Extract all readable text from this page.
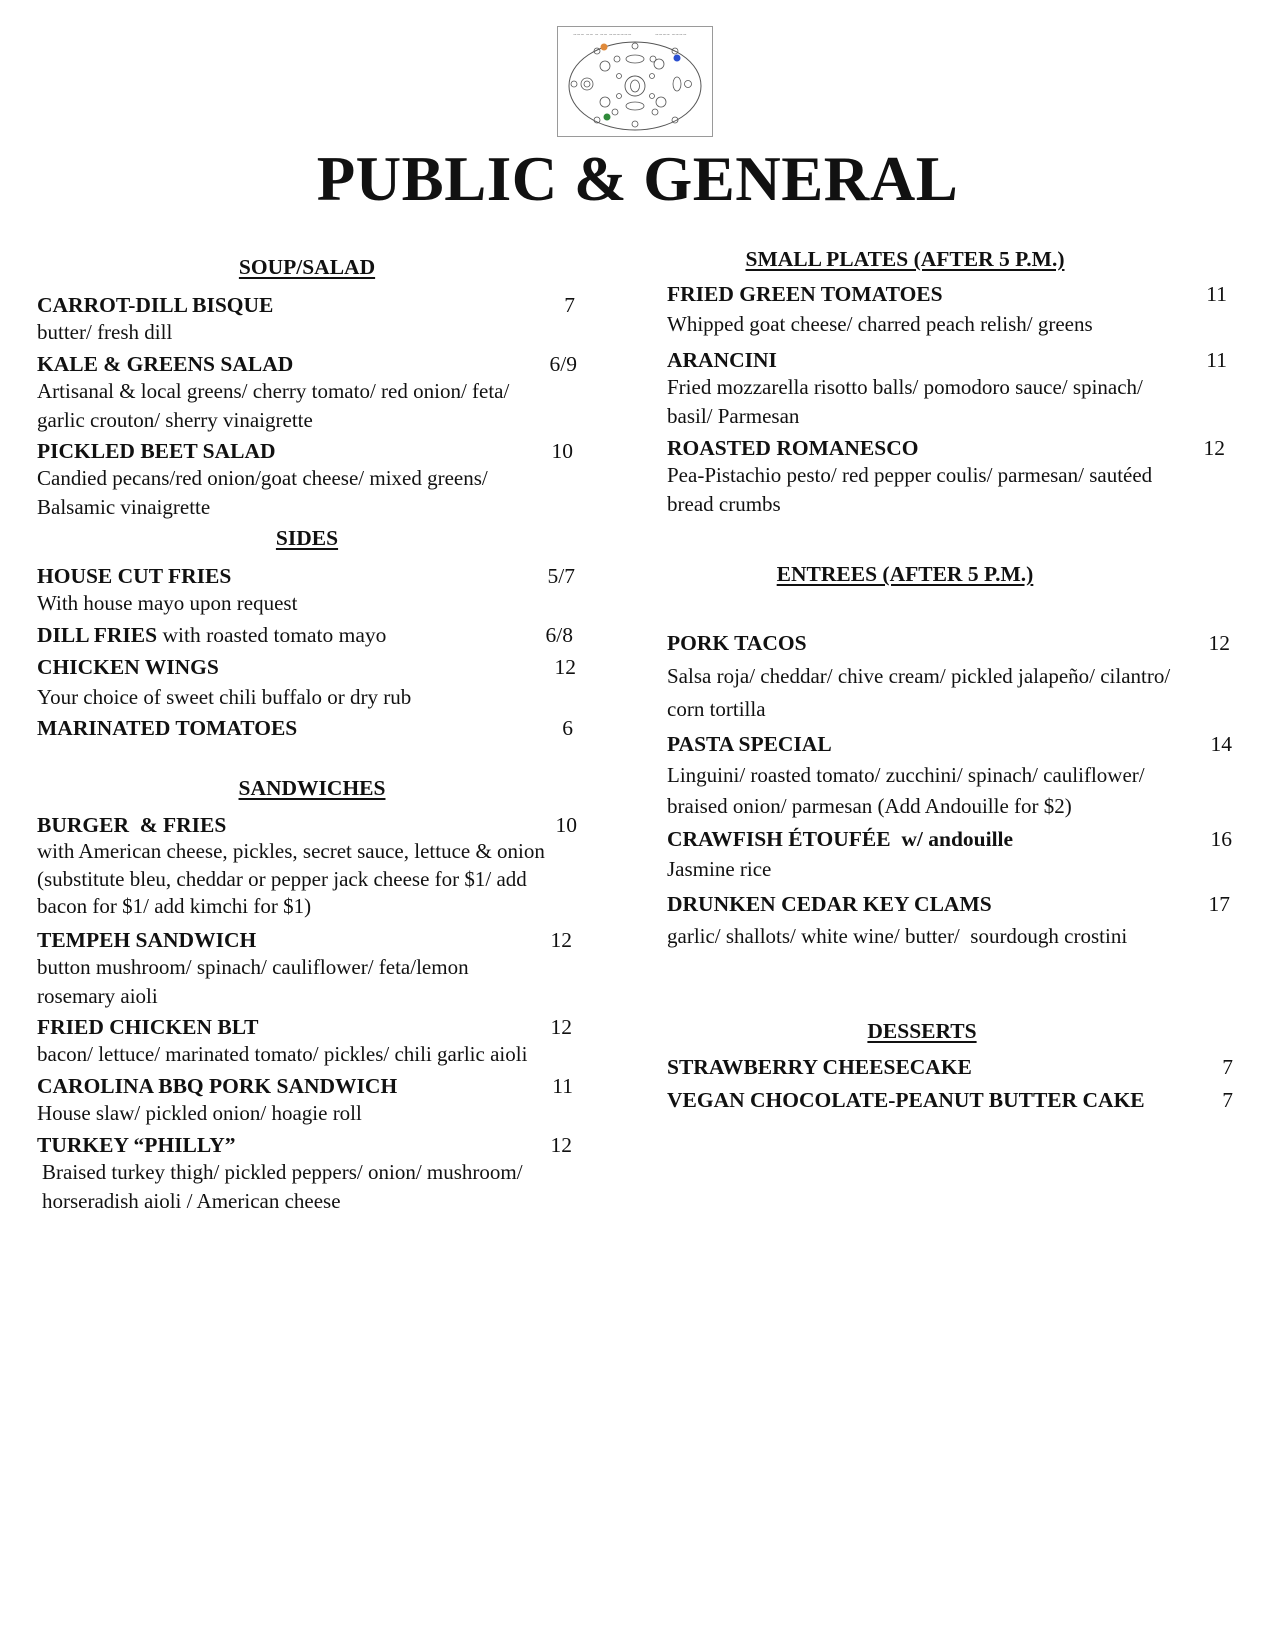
~~~ ~~ ~ ~~ ~~~~~~	~~~~ ~~~~
PUBLIC & GENERAL
SOUP/SALAD
CARROT-DILL BISQUE	7
butter/ fresh dill
KALE & GREENS SALAD	6/9
Artisanal & local greens/ cherry tomato/ red onion/ feta/
garlic crouton/ sherry vinaigrette
PICKLED BEET SALAD	10
Candied pecans/red onion/goat cheese/ mixed greens/
Balsamic vinaigrette
SIDES
HOUSE CUT FRIES	5/7
With house mayo upon request
DILL FRIES with roasted tomato mayo	6/8
CHICKEN WINGS	12
Your choice of sweet chili buffalo or dry rub
MARINATED TOMATOES	6
SANDWICHES
BURGER  & FRIES	10
with American cheese, pickles, secret sauce, lettuce & onion
(substitute bleu, cheddar or pepper jack cheese for $1/ add
bacon for $1/ add kimchi for $1)
TEMPEH SANDWICH	12
button mushroom/ spinach/ cauliflower/ feta/lemon
rosemary aioli
FRIED CHICKEN BLT	12
bacon/ lettuce/ marinated tomato/ pickles/ chili garlic aioli
CAROLINA BBQ PORK SANDWICH	11
House slaw/ pickled onion/ hoagie roll
TURKEY “PHILLY”	12
Braised turkey thigh/ pickled peppers/ onion/ mushroom/
horseradish aioli / American cheese
SMALL PLATES (AFTER 5 P.M.)
FRIED GREEN TOMATOES	11
Whipped goat cheese/ charred peach relish/ greens
ARANCINI	11
Fried mozzarella risotto balls/ pomodoro sauce/ spinach/
basil/ Parmesan
ROASTED ROMANESCO	12
Pea-Pistachio pesto/ red pepper coulis/ parmesan/ sautéed
bread crumbs
ENTREES (AFTER 5 P.M.)
PORK TACOS	12
Salsa roja/ cheddar/ chive cream/ pickled jalapeño/ cilantro/
corn tortilla
PASTA SPECIAL	14
Linguini/ roasted tomato/ zucchini/ spinach/ cauliflower/
braised onion/ parmesan (Add Andouille for $2)
CRAWFISH ÉTOUFÉE  w/ andouille	16
Jasmine rice
DRUNKEN CEDAR KEY CLAMS	17
garlic/ shallots/ white wine/ butter/  sourdough crostini
DESSERTS
STRAWBERRY CHEESECAKE	7
VEGAN CHOCOLATE-PEANUT BUTTER CAKE	7
